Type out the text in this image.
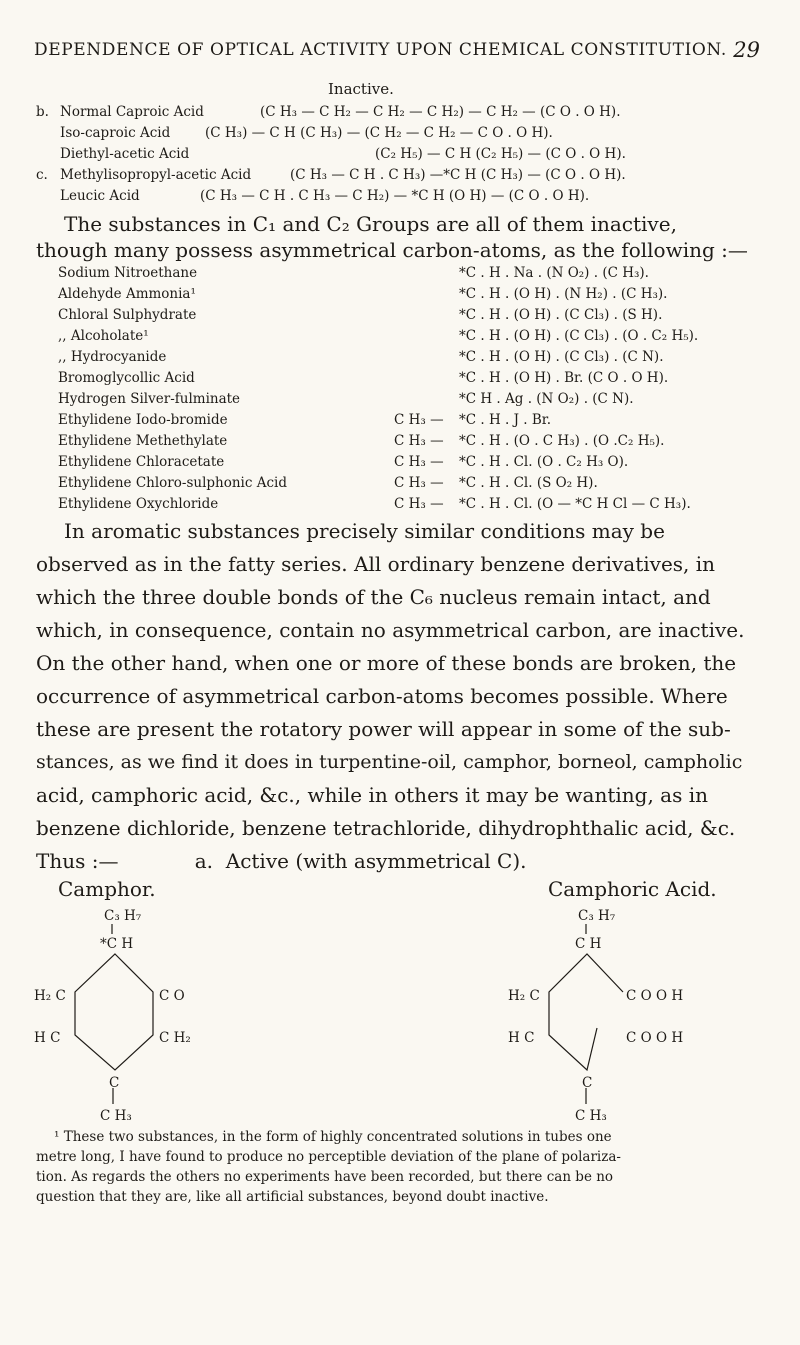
DEPENDENCE OF OPTICAL ACTIVITY UPON CHEMICAL CONSTITUTION. 29
Inactive.
b. Normal Caproic Acid	(C H₃ — C H₂ — C H₂ — C H₂) — C H₂ — (C O . O H).
Iso-caproic Acid	(C H₃) — C H (C H₃) — (C H₂ — C H₂ — C O . O H).
Diethyl-acetic Acid	(C₂ H₅) — C H (C₂ H₅) — (C O . O H).
c. Methylisopropyl-acetic Acid	(C H₃ — C H . C H₃) —*C H (C H₃) — (C O . O H).
Leucic Acid	(C H₃ — C H . C H₃ — C H₂) — *C H (O H) — (C O . O H).
The substances in C₁ and C₂ Groups are all of them inactive,
though many possess asymmetrical carbon-atoms, as the following :—
Sodium Nitroethane	*C . H . Na . (N O₂) . (C H₃).
Aldehyde Ammonia¹	*C . H . (O H) . (N H₂) . (C H₃).
Chloral Sulphydrate	*C . H . (O H) . (C Cl₃) . (S H).
,, Alcoholate¹	*C . H . (O H) . (C Cl₃) . (O . C₂ H₅).
,, Hydrocyanide	*C . H . (O H) . (C Cl₃) . (C N).
Bromoglycollic Acid	*C . H . (O H) . Br. (C O . O H).
Hydrogen Silver-fulminate	*C H . Ag . (N O₂) . (C N).
Ethylidene Iodo-bromide	C H₃ — *C . H . J . Br.
Ethylidene Methethylate	C H₃ — *C . H . (O . C H₃) . (O .C₂ H₅).
Ethylidene Chloracetate	C H₃ — *C . H . Cl. (O . C₂ H₃ O).
Ethylidene Chloro-sulphonic Acid	C H₃ — *C . H . Cl. (S O₂ H).
Ethylidene Oxychloride	C H₃ — *C . H . Cl. (O — *C H Cl — C H₃).
In aromatic substances precisely similar conditions may be
observed as in the fatty series. All ordinary benzene derivatives, in
which the three double bonds of the C₆ nucleus remain intact, and
which, in consequence, contain no asymmetrical carbon, are inactive.
On the other hand, when one or more of these bonds are broken, the
occurrence of asymmetrical carbon-atoms becomes possible. Where
these are present the rotatory power will appear in some of the sub-
stances, as we find it does in turpentine-oil, camphor, borneol, campholic
acid, camphoric acid, &c., while in others it may be wanting, as in
benzene dichloride, benzene tetrachloride, dihydrophthalic acid, &c.
Thus :—            a.  Active (with asymmetrical C).
Camphor.
C₃ H₇
*C H
H₂ C
H C
C O
C H₂
C
Camphoric Acid.
C₃ H₇
C H
H₂ C
H C
C O O H
C O O H
C
C H₃	C H₃
¹ These two substances, in the form of highly concentrated solutions in tubes one
metre long, I have found to produce no perceptible deviation of the plane of polariza-
tion. As regards the others no experiments have been recorded, but there can be no
question that they are, like all artificial substances, beyond doubt inactive.
